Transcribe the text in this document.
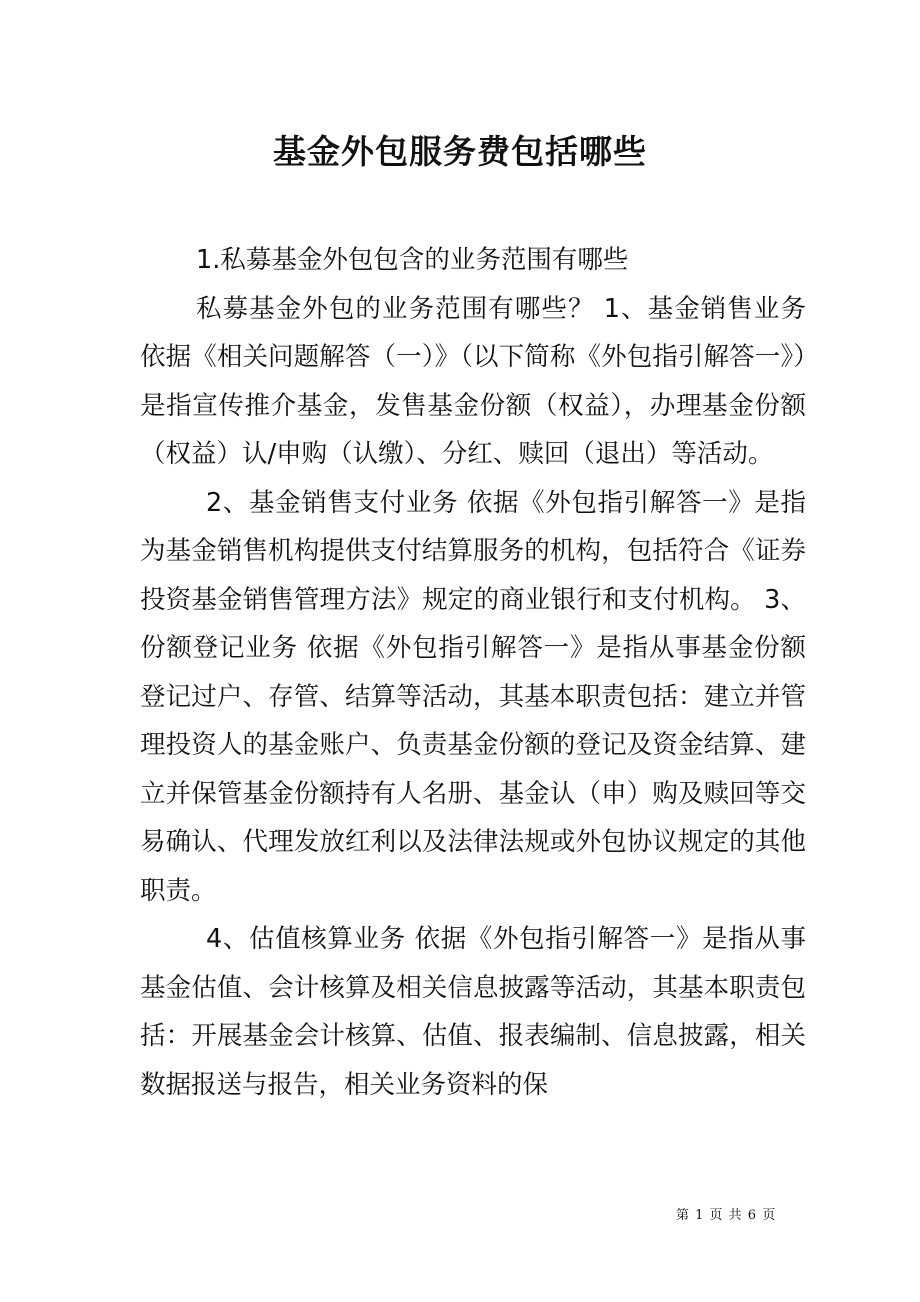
基金外包服务费包括哪些

1.私募基金外包包含的业务范围有哪些

私募基金外包的业务范围有哪些？ 1、基金销售业务 依据《相关问题解答（一）》（以下简称《外包指引解答一》）是指宣传推介基金，发售基金份额（权益），办理基金份额（权益）认/申购（认缴）、分红、赎回（退出）等活动。

2、基金销售支付业务 依据《外包指引解答一》是指为基金销售机构提供支付结算服务的机构，包括符合《证券投资基金销售管理方法》规定的商业银行和支付机构。 3、份额登记业务 依据《外包指引解答一》是指从事基金份额登记过户、存管、结算等活动，其基本职责包括：建立并管理投资人的基金账户、负责基金份额的登记及资金结算、建立并保管基金份额持有人名册、基金认（申）购及赎回等交易确认、代理发放红利以及法律法规或外包协议规定的其他职责。

4、估值核算业务 依据《外包指引解答一》是指从事基金估值、会计核算及相关信息披露等活动，其基本职责包括：开展基金会计核算、估值、报表编制、信息披露，相关数据报送与报告，相关业务资料的保

第 1 页 共 6 页
